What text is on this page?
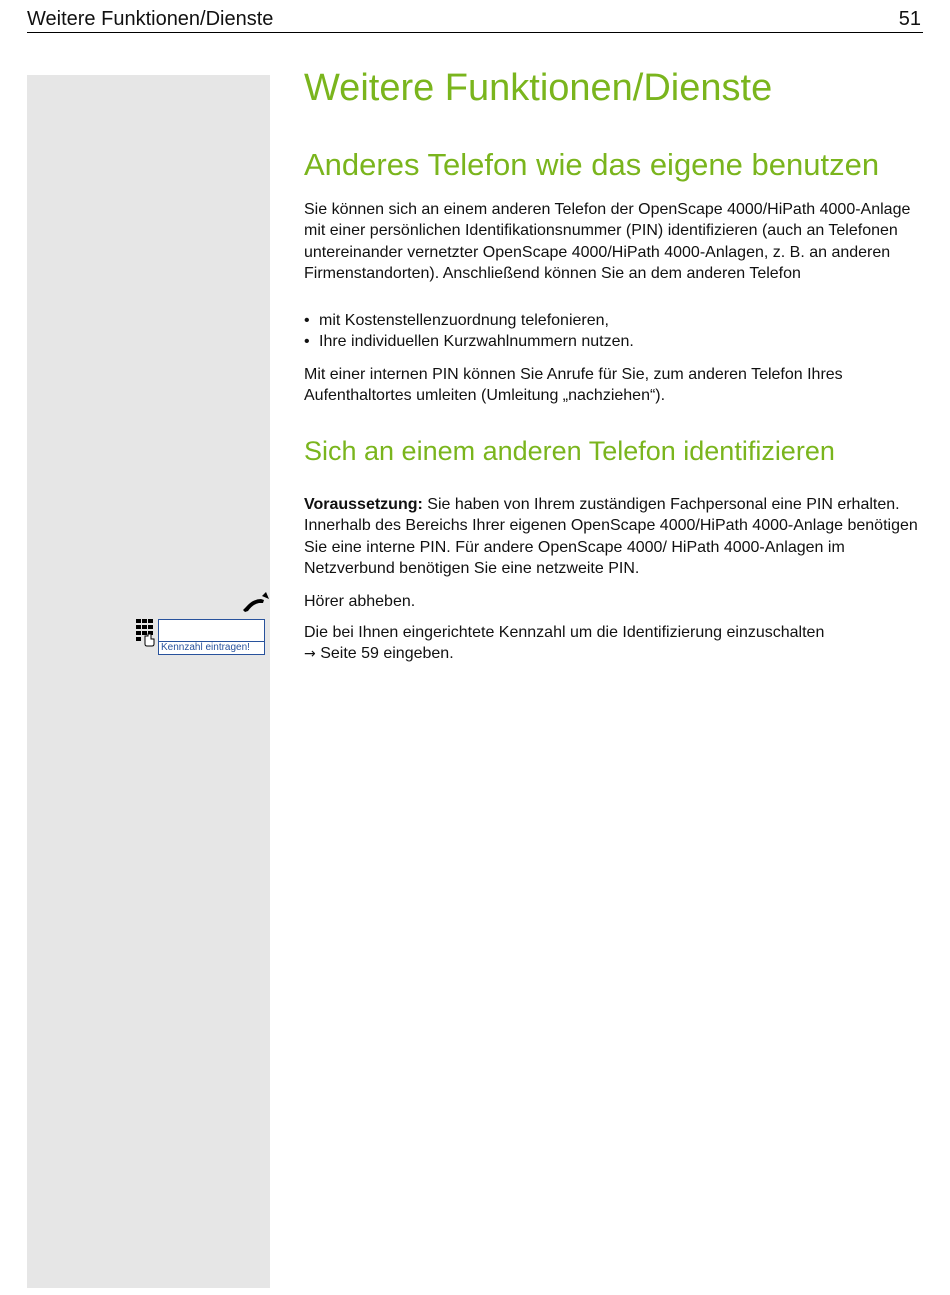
Weitere Funktionen/Dienste	51
Kennzahl eintragen!
Weitere Funktionen/Dienste
Anderes Telefon wie das eigene benutzen

Sie können sich an einem anderen Telefon der OpenScape 4000/HiPath 4000-Anlage mit einer persönlichen Identifikationsnummer (PIN) identifizieren (auch an Telefonen untereinander vernetzter OpenScape 4000/HiPath 4000-Anlagen, z. B. an anderen Firmenstandorten). Anschließend können Sie an dem anderen Telefon

• mit Kostenstellenzuordnung telefonieren,
• Ihre individuellen Kurzwahlnummern nutzen.

Mit einer internen PIN können Sie Anrufe für Sie, zum anderen Telefon Ihres Aufenthaltortes umleiten (Umleitung „nachziehen“).

Sich an einem anderen Telefon identifizieren

Voraussetzung: Sie haben von Ihrem zuständigen Fachpersonal eine PIN erhalten. Innerhalb des Bereichs Ihrer eigenen OpenScape 4000/HiPath 4000-Anlage benötigen Sie eine interne PIN. Für andere OpenScape 4000/ HiPath 4000-Anlagen im Netzverbund benötigen Sie eine netzweite PIN.

Hörer abheben.
Die bei Ihnen eingerichtete Kennzahl um die Identifizierung einzuschalten
→ Seite 59 eingeben.
